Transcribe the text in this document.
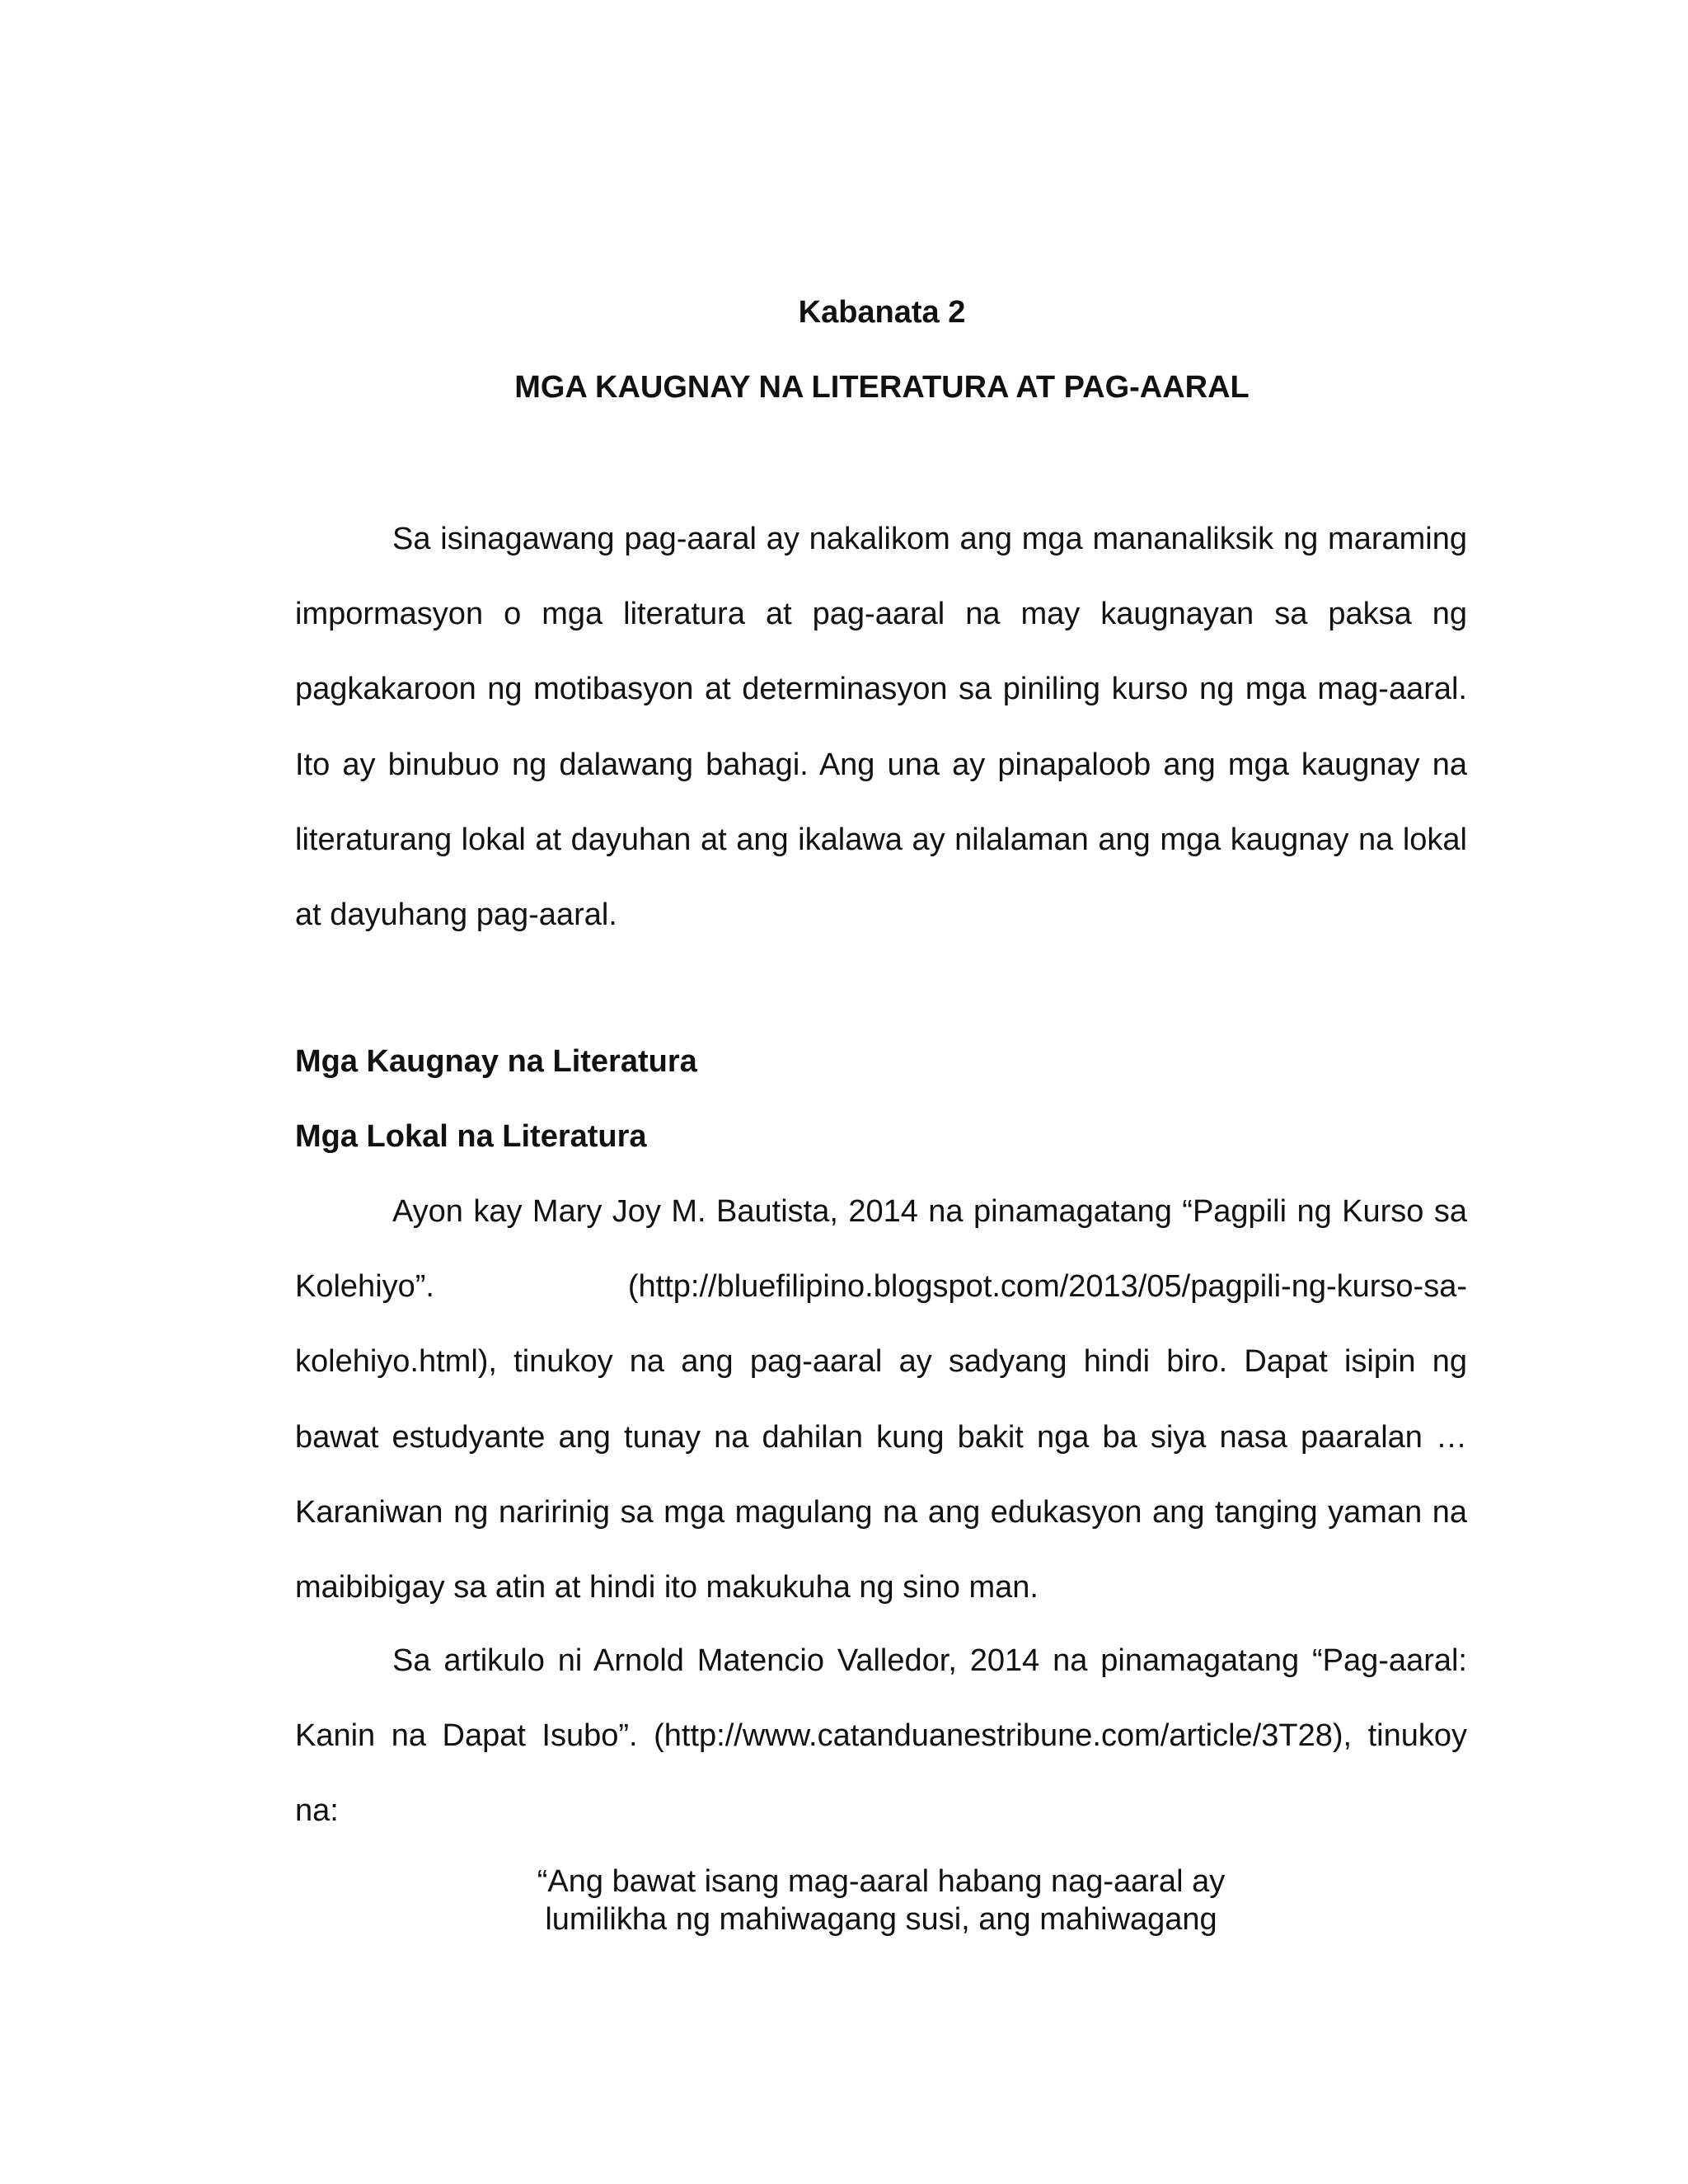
Kabanata 2
MGA KAUGNAY NA LITERATURA AT PAG-AARAL

Sa isinagawang pag-aaral ay nakalikom ang mga mananaliksik ng maraming impormasyon o mga literatura at pag-aaral na may kaugnayan sa paksa ng pagkakaroon ng motibasyon at determinasyon sa piniling kurso ng mga mag-aaral. Ito ay binubuo ng dalawang bahagi. Ang una ay pinapaloob ang mga kaugnay na literaturang lokal at dayuhan at ang ikalawa ay nilalaman ang mga kaugnay na lokal at dayuhang pag-aaral.

Mga Kaugnay na Literatura
Mga Lokal na Literatura

Ayon kay Mary Joy M. Bautista, 2014 na pinamagatang “Pagpili ng Kurso sa Kolehiyo”. (http://bluefilipino.blogspot.com/2013/05/pagpili-ng-kurso-sa-kolehiyo.html), tinukoy na ang pag-aaral ay sadyang hindi biro. Dapat isipin ng bawat estudyante ang tunay na dahilan kung bakit nga ba siya nasa paaralan … Karaniwan ng naririnig sa mga magulang na ang edukasyon ang tanging yaman na maibibigay sa atin at hindi ito makukuha ng sino man.

Sa artikulo ni Arnold Matencio Valledor, 2014 na pinamagatang “Pag-aaral: Kanin na Dapat Isubo”. (http://www.catanduanestribune.com/article/3T28), tinukoy na:

“Ang bawat isang mag-aaral habang nag-aaral ay
lumilikha ng mahiwagang susi, ang mahiwagang
